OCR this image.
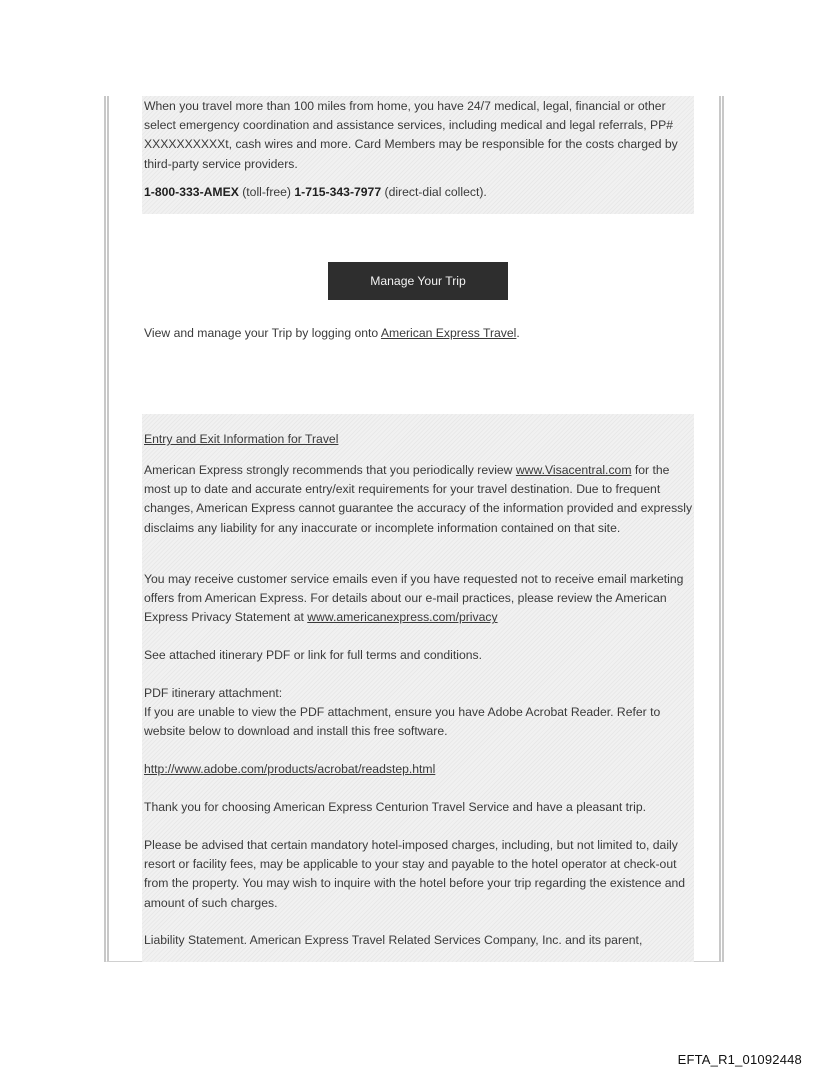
When you travel more than 100 miles from home, you have 24/7 medical, legal, financial or other select emergency coordination and assistance services, including medical and legal referrals, PP# XXXXXXXXXXt, cash wires and more. Card Members may be responsible for the costs charged by third-party service providers.

1-800-333-AMEX (toll-free) 1-715-343-7977 (direct-dial collect).

Manage Your Trip

View and manage your Trip by logging onto American Express Travel.

Entry and Exit Information for Travel

American Express strongly recommends that you periodically review www.Visacentral.com for the most up to date and accurate entry/exit requirements for your travel destination. Due to frequent changes, American Express cannot guarantee the accuracy of the information provided and expressly disclaims any liability for any inaccurate or incomplete information contained on that site.

You may receive customer service emails even if you have requested not to receive email marketing offers from American Express. For details about our e-mail practices, please review the American Express Privacy Statement at www.americanexpress.com/privacy

See attached itinerary PDF or link for full terms and conditions.

PDF itinerary attachment:

If you are unable to view the PDF attachment, ensure you have Adobe Acrobat Reader. Refer to website below to download and install this free software.

http://www.adobe.com/products/acrobat/readstep.html

Thank you for choosing American Express Centurion Travel Service and have a pleasant trip.

Please be advised that certain mandatory hotel-imposed charges, including, but not limited to, daily resort or facility fees, may be applicable to your stay and payable to the hotel operator at check-out from the property. You may wish to inquire with the hotel before your trip regarding the existence and amount of such charges.

Liability Statement. American Express Travel Related Services Company, Inc. and its parent,

EFTA_R1_01092448
